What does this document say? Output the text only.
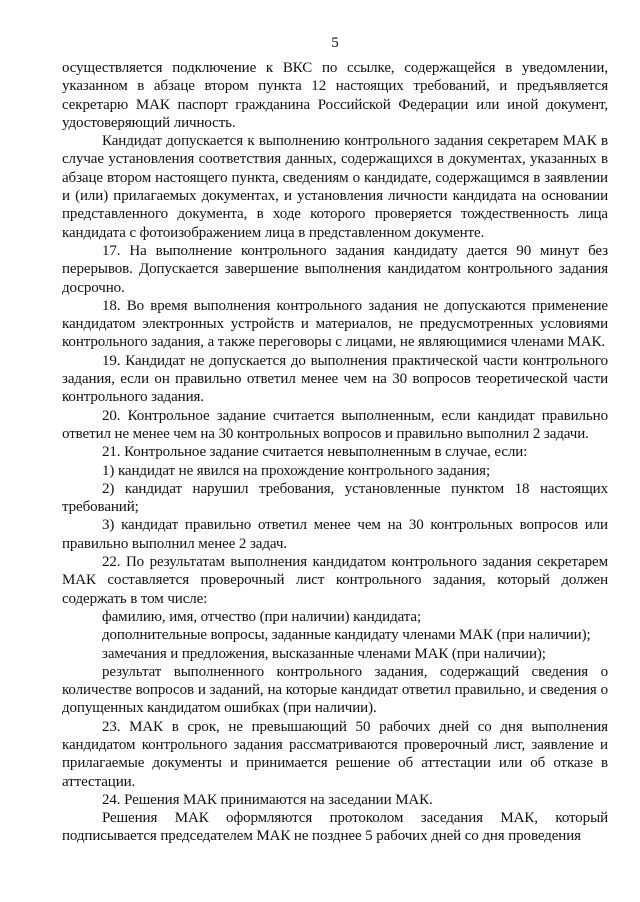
5

осуществляется подключение к ВКС по ссылке, содержащейся в уведомлении, указанном в абзаце втором пункта 12 настоящих требований, и предъявляется секретарю МАК паспорт гражданина Российской Федерации или иной документ, удостоверяющий личность.

Кандидат допускается к выполнению контрольного задания секретарем МАК в случае установления соответствия данных, содержащихся в документах, указанных в абзаце втором настоящего пункта, сведениям о кандидате, содержащимся в заявлении и (или) прилагаемых документах, и установления личности кандидата на основании представленного документа, в ходе которого проверяется тождественность лица кандидата с фотоизображением лица в представленном документе.

17. На выполнение контрольного задания кандидату дается 90 минут без перерывов. Допускается завершение выполнения кандидатом контрольного задания досрочно.

18. Во время выполнения контрольного задания не допускаются применение кандидатом электронных устройств и материалов, не предусмотренных условиями контрольного задания, а также переговоры с лицами, не являющимися членами МАК.

19. Кандидат не допускается до выполнения практической части контрольного задания, если он правильно ответил менее чем на 30 вопросов теоретической части контрольного задания.

20. Контрольное задание считается выполненным, если кандидат правильно ответил не менее чем на 30 контрольных вопросов и правильно выполнил 2 задачи.

21. Контрольное задание считается невыполненным в случае, если:

1) кандидат не явился на прохождение контрольного задания;

2) кандидат нарушил требования, установленные пунктом 18 настоящих требований;

3) кандидат правильно ответил менее чем на 30 контрольных вопросов или правильно выполнил менее 2 задач.

22. По результатам выполнения кандидатом контрольного задания секретарем МАК составляется проверочный лист контрольного задания, который должен содержать в том числе:

фамилию, имя, отчество (при наличии) кандидата;

дополнительные вопросы, заданные кандидату членами МАК (при наличии);

замечания и предложения, высказанные членами МАК (при наличии);

результат выполненного контрольного задания, содержащий сведения о количестве вопросов и заданий, на которые кандидат ответил правильно, и сведения о допущенных кандидатом ошибках (при наличии).

23. МАК в срок, не превышающий 50 рабочих дней со дня выполнения кандидатом контрольного задания рассматриваются проверочный лист, заявление и прилагаемые документы и принимается решение об аттестации или об отказе в аттестации.

24. Решения МАК принимаются на заседании МАК.

Решения МАК оформляются протоколом заседания МАК, который подписывается председателем МАК не позднее 5 рабочих дней со дня проведения
